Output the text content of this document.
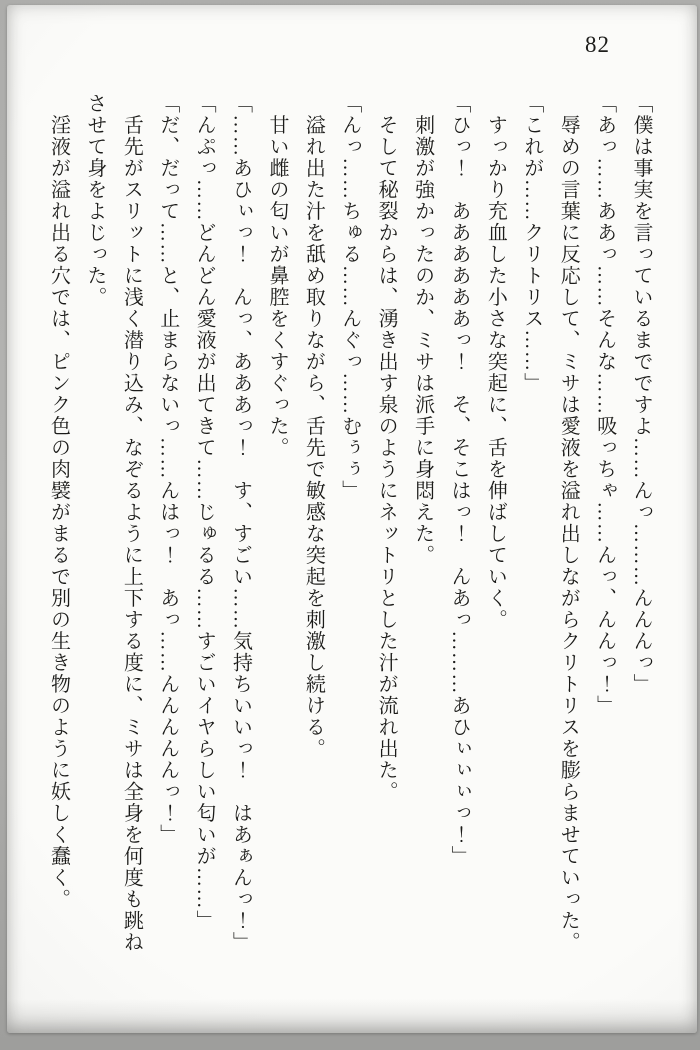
82

「僕は事実を言っているまでですよ……んっ………んんんっ」

「あっ……ああっ……そんな……吸っちゃ……んっ、んんっ！」

　辱めの言葉に反応して、ミサは愛液を溢れ出しながらクリトリスを膨らませていった。

「これが……クリトリス……」

　すっかり充血した小さな突起に、舌を伸ばしていく。

「ひっ！　ああああああっ！　そ、そこはっ！　んあっ………あひぃぃぃっ！」

　刺激が強かったのか、ミサは派手に身悶えた。

　そして秘裂からは、湧き出す泉のようにネットリとした汁が流れ出た。

「んっ……ちゅる……んぐっ……むぅぅ」

　溢れ出た汁を舐め取りながら、舌先で敏感な突起を刺激し続ける。

　甘い雌の匂いが鼻腔をくすぐった。

「……あひぃっ！　んっ、あああっ！　す、すごい……気持ちいいっ！　はあぁんっ！」

「んぷっ……どんどん愛液が出てきて……じゅるる……すごいイヤらしい匂いが……」

「だ、だって……と、止まらないっ……んはっ！　あっ……んんんんんっ！」

　舌先がスリットに浅く潜り込み、なぞるように上下する度に、ミサは全身を何度も跳ねさせて身をよじった。

　淫液が溢れ出る穴では、ピンク色の肉襞がまるで別の生き物のように妖しく蠢く。
